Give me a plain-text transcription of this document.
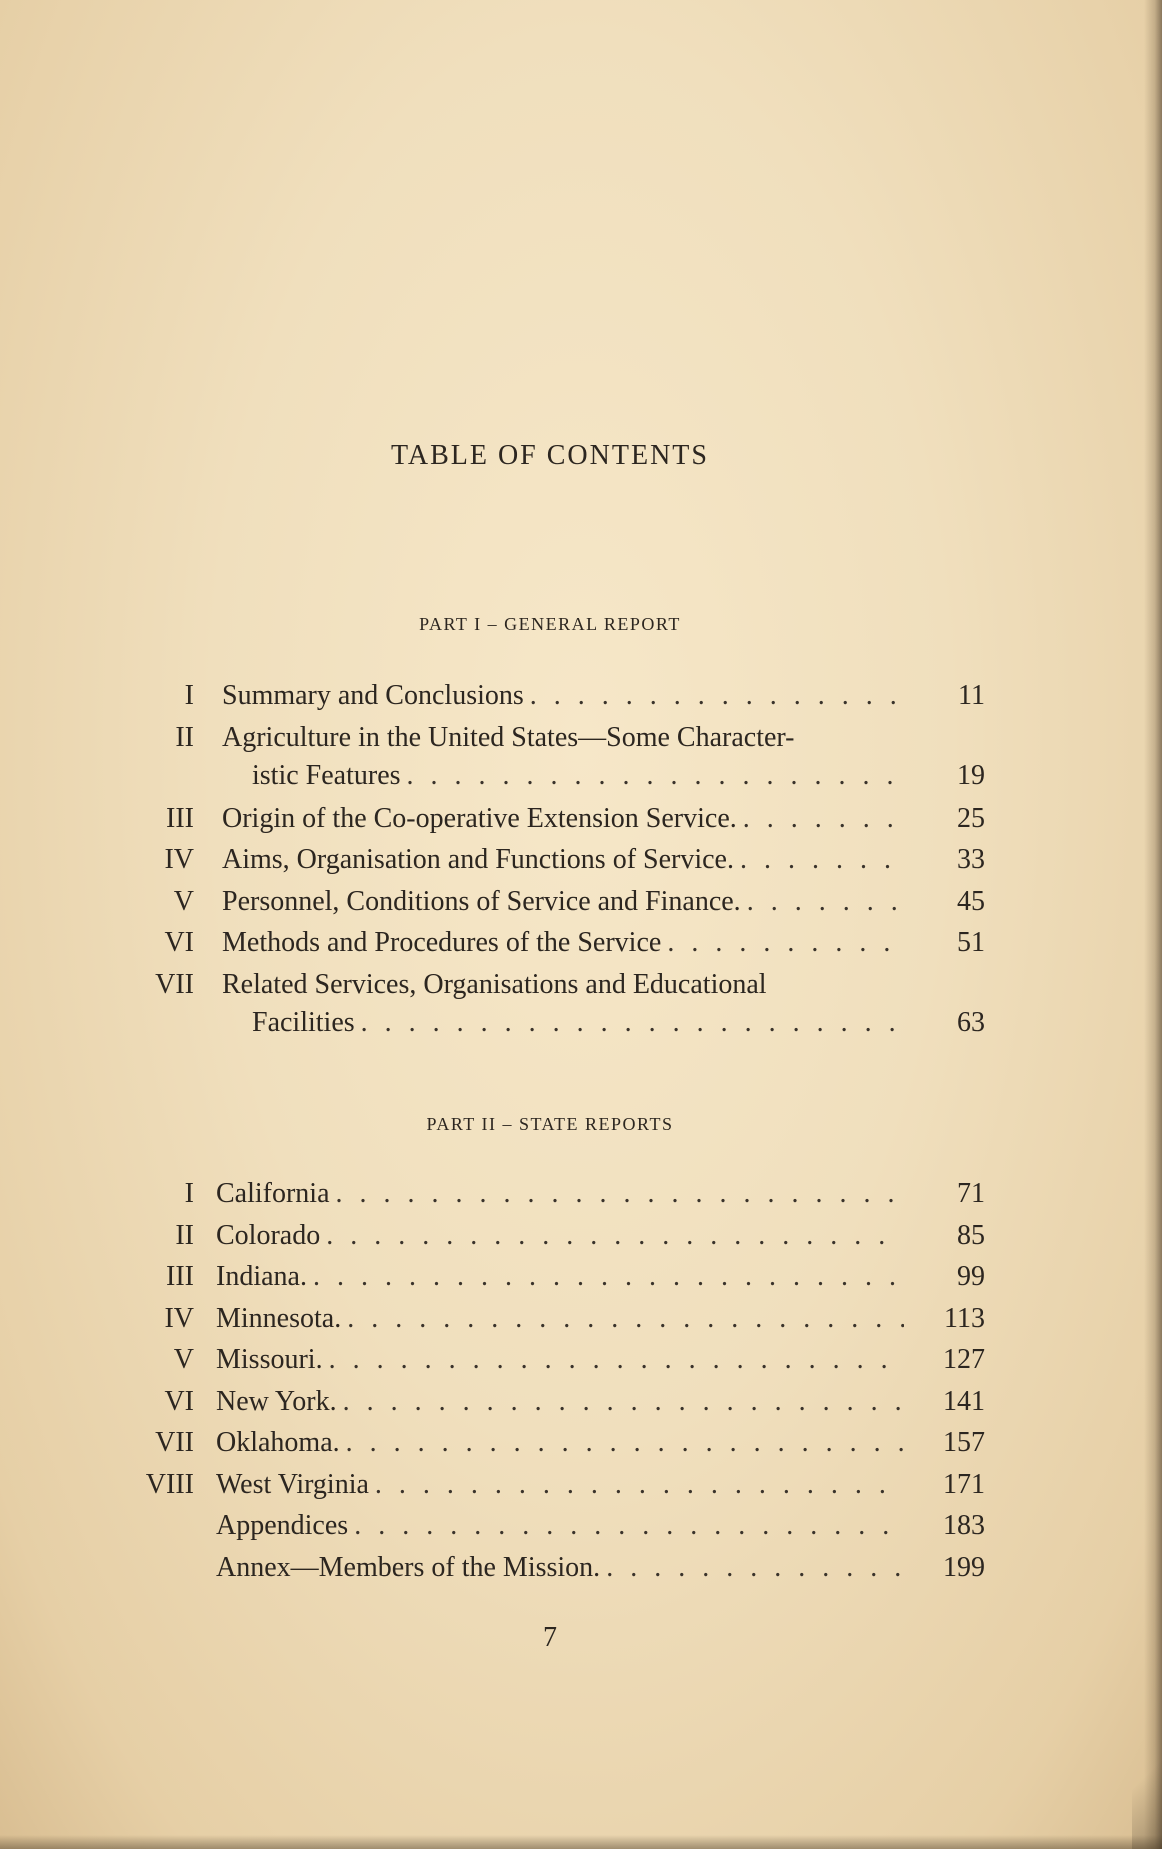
TABLE OF CONTENTS
PART I – GENERAL REPORT
I Summary and Conclusions . . .	11
II Agriculture in the United States—Some Character-
istic Features . . .	19
III Origin of the Co-operative Extension Service. . . .	25
IV Aims, Organisation and Functions of Service. . . .	33
V Personnel, Conditions of Service and Finance. . . .	45
VI Methods and Procedures of the Service . . .	51
VII Related Services, Organisations and Educational
Facilities . . .	63
PART II – STATE REPORTS
I California . . .	71
II Colorado . . .	85
III Indiana. . . .	99
IV Minnesota. . . .	113
V Missouri. . . .	127
VI New York. . . .	141
VII Oklahoma. . . .	157
VIII West Virginia . . .	171
Appendices . . .	183
Annex—Members of the Mission. . . .	199
7
